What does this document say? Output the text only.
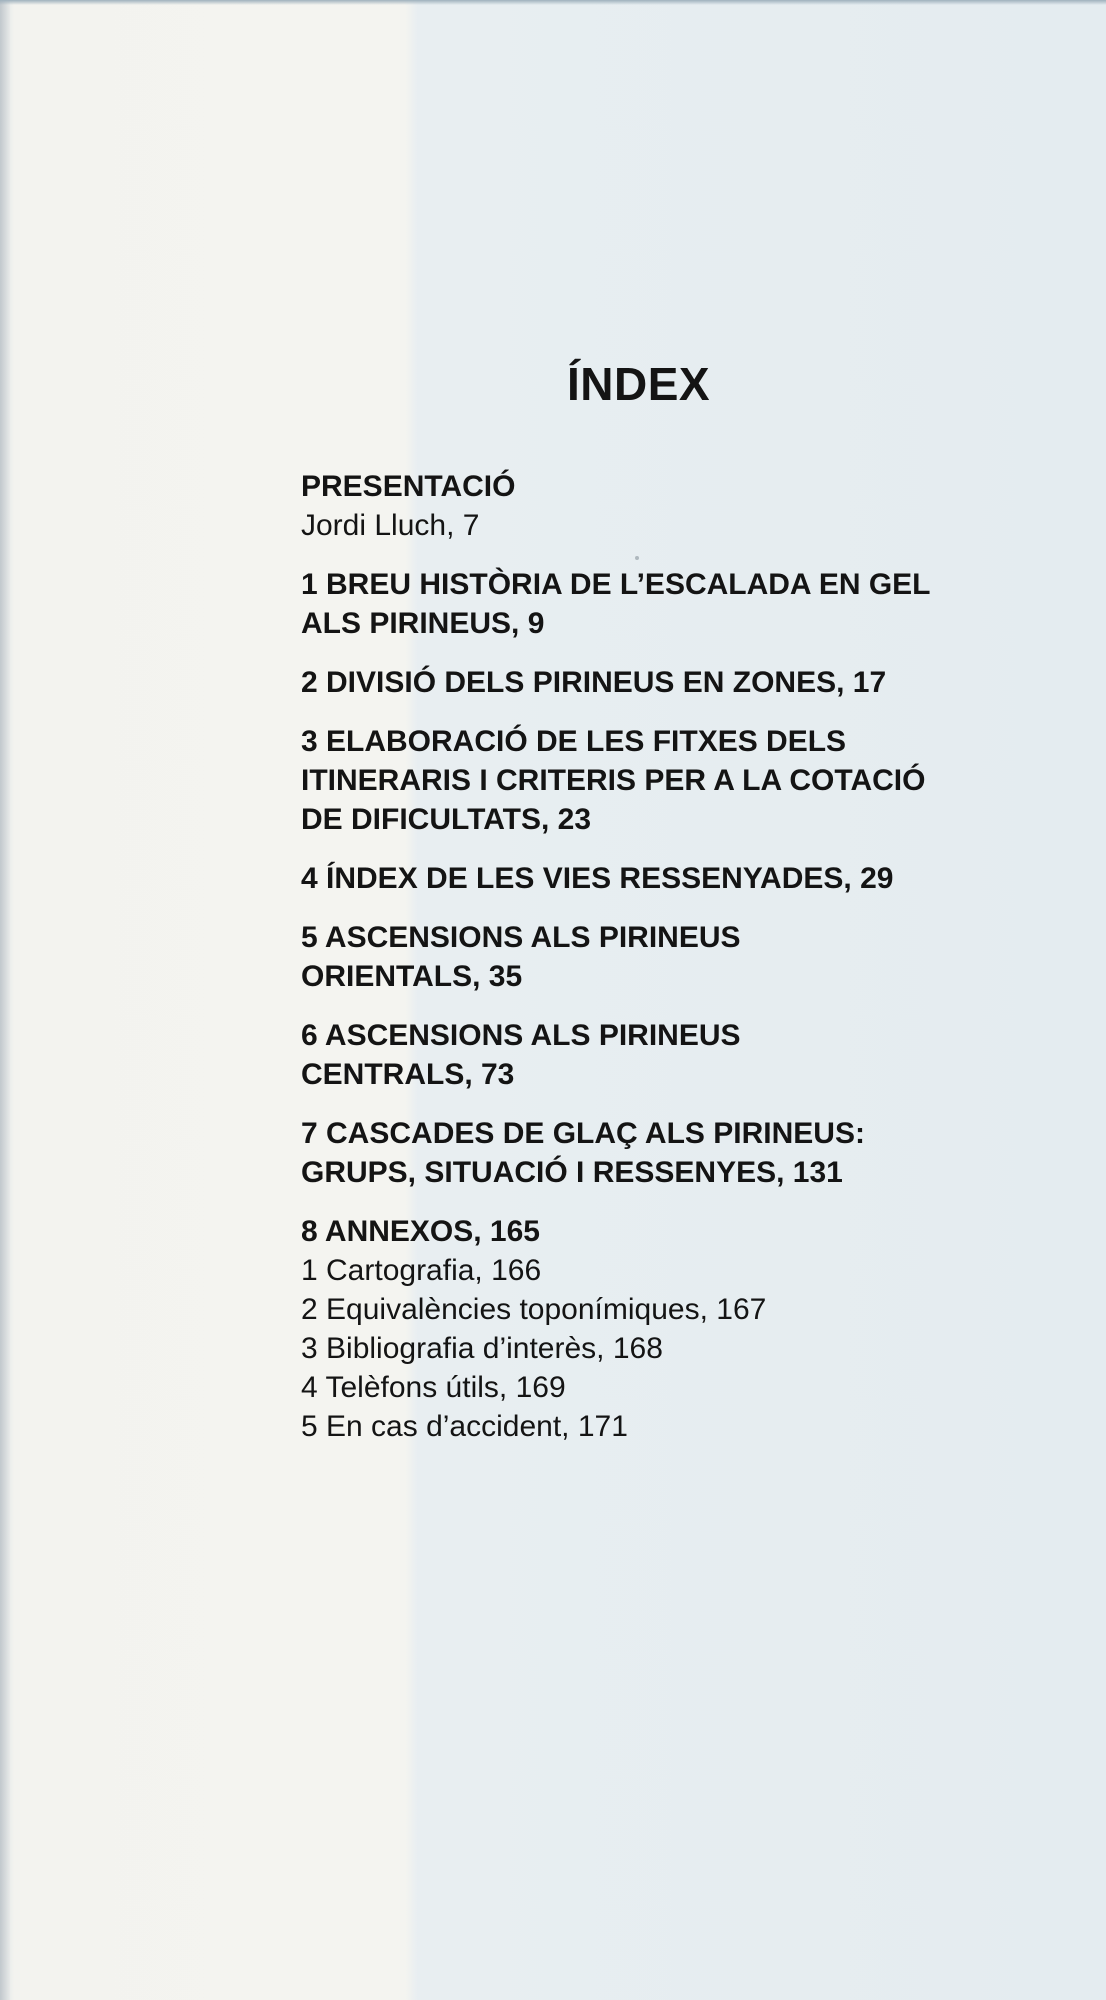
ÍNDEX
PRESENTACIÓ
Jordi Lluch, 7
1 BREU HISTÒRIA DE L’ESCALADA EN GEL
ALS PIRINEUS, 9
2 DIVISIÓ DELS PIRINEUS EN ZONES, 17
3 ELABORACIÓ DE LES FITXES DELS
ITINERARIS I CRITERIS PER A LA COTACIÓ
DE DIFICULTATS, 23
4 ÍNDEX DE LES VIES RESSENYADES, 29
5 ASCENSIONS ALS PIRINEUS
ORIENTALS, 35
6 ASCENSIONS ALS PIRINEUS
CENTRALS, 73
7 CASCADES DE GLAÇ ALS PIRINEUS:
GRUPS, SITUACIÓ I RESSENYES, 131
8 ANNEXOS, 165
1 Cartografia, 166
2 Equivalències toponímiques, 167
3 Bibliografia d’interès, 168
4 Telèfons útils, 169
5 En cas d’accident, 171
